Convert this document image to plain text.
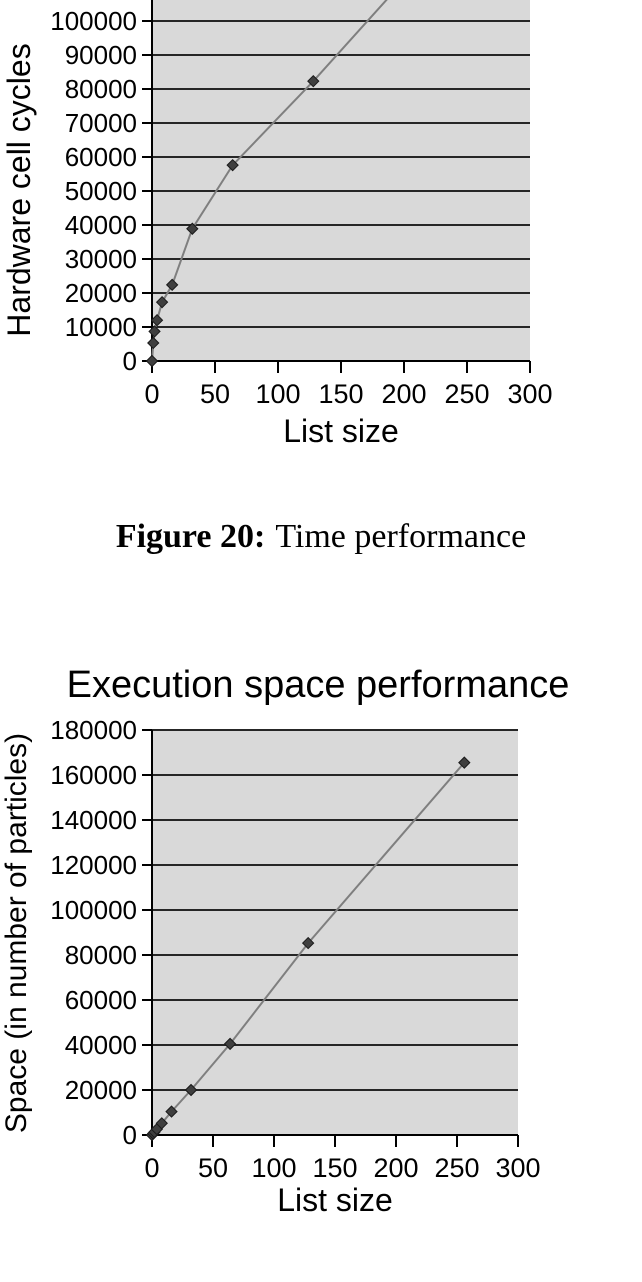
0
10000
20000
30000
40000
50000
60000
70000
80000
90000
100000
0 50 100 150 200 250 300
List size
Hardware cell cycles
Figure 20: Time performance
0
20000
40000
60000
80000
100000
120000
140000
160000
180000
0 50 100 150 200 250 300
List size
Space (in number of particles)
Execution space performance
